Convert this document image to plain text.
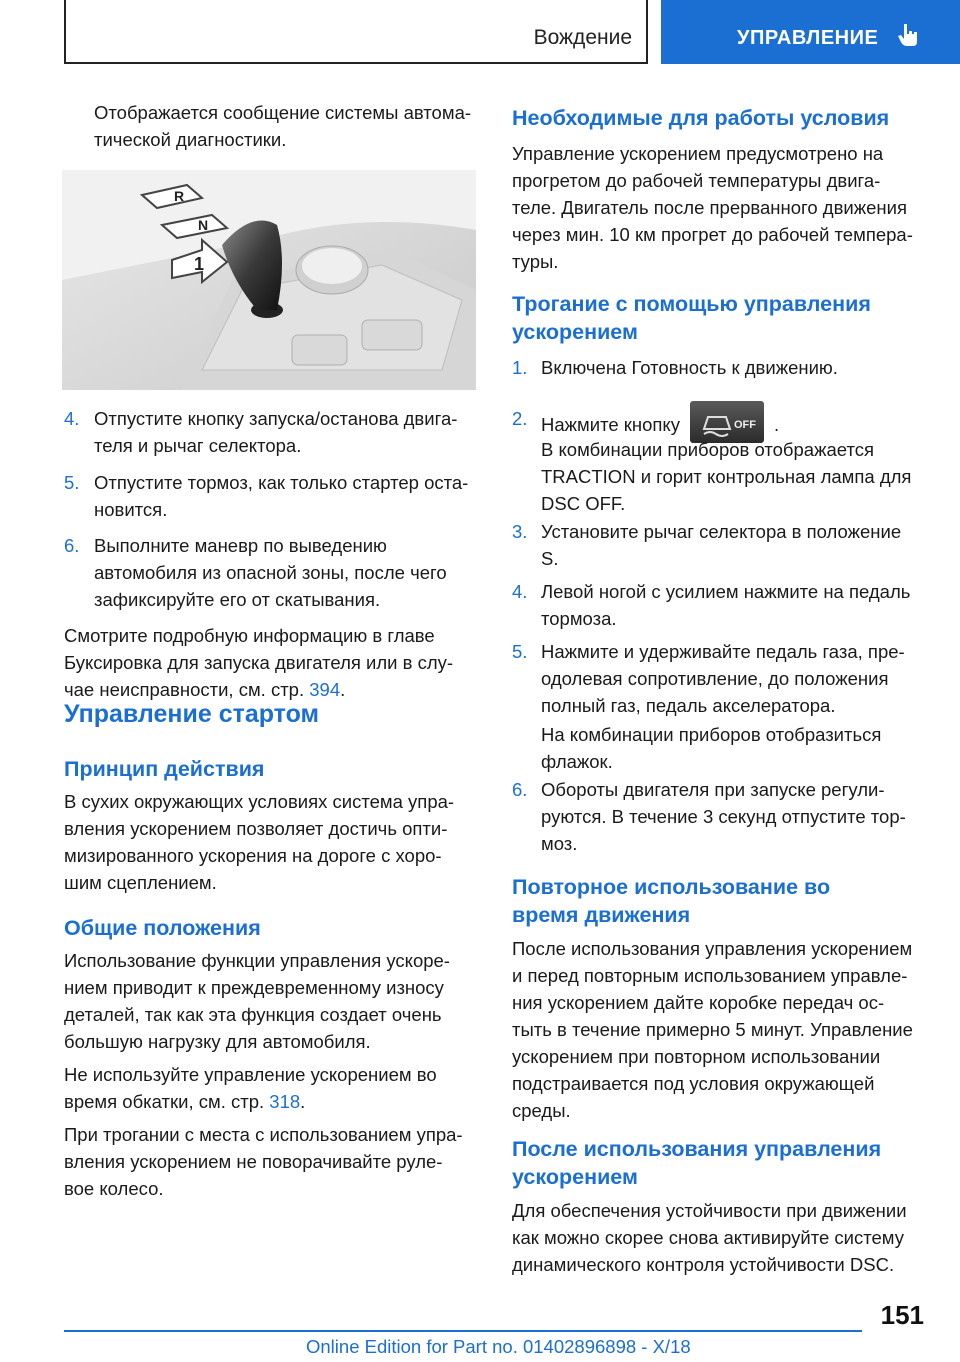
Вождение	УПРАВЛЕНИЕ

Отображается сообщение системы автома-

тической диагностики.

R
N
1
4. Отпустите кнопку запуска/останова двига-

теля и рычаг селектора.

5. Отпустите тормоз, как только стартер оста-

новится.

6. Выполните маневр по выведению

автомобиля из опасной зоны, после чего

зафиксируйте его от скатывания.

Смотрите подробную информацию в главе

Буксировка для запуска двигателя или в слу-

чае неисправности, см. стр. 394.

Управление стартом
Принцип действия

В сухих окружающих условиях система упра-

вления ускорением позволяет достичь опти-

мизированного ускорения на дороге с хоро-

шим сцеплением.

Общие положения

Использование функции управления ускоре-

нием приводит к преждевременному износу

деталей, так как эта функция создает очень

большую нагрузку для автомобиля.

Не используйте управление ускорением во

время обкатки, см. стр. 318.

При трогании с места с использованием упра-

вления ускорением не поворачивайте руле-

вое колесо.

Необходимые для работы условия

Управление ускорением предусмотрено на

прогретом до рабочей температуры двига-

теле. Двигатель после прерванного движения

через мин. 10 км прогрет до рабочей темпера-

туры.

Трогание с помощью управления
ускорением
1. Включена Готовность к движению.

2. Нажмите кнопку	OFF .

В комбинации приборов отображается

TRACTION и горит контрольная лампа для

DSC OFF.

3. Установите рычаг селектора в положение

S.

4. Левой ногой с усилием нажмите на педаль

тормоза.

5. Нажмите и удерживайте педаль газа, пре-

одолевая сопротивление, до положения

полный газ, педаль акселератора.

На комбинации приборов отобразиться

флажок.

6. Обороты двигателя при запуске регули-

руются. В течение 3 секунд отпустите тор-

моз.

Повторное использование во
время движения

После использования управления ускорением

и перед повторным использованием управле-

ния ускорением дайте коробке передач ос-

тыть в течение примерно 5 минут. Управление

ускорением при повторном использовании

подстраивается под условия окружающей

среды.

После использования управления
ускорением

Для обеспечения устойчивости при движении

как можно скорее снова активируйте систему

динамического контроля устойчивости DSC.

151
Online Edition for Part no. 01402896898 - X/18
